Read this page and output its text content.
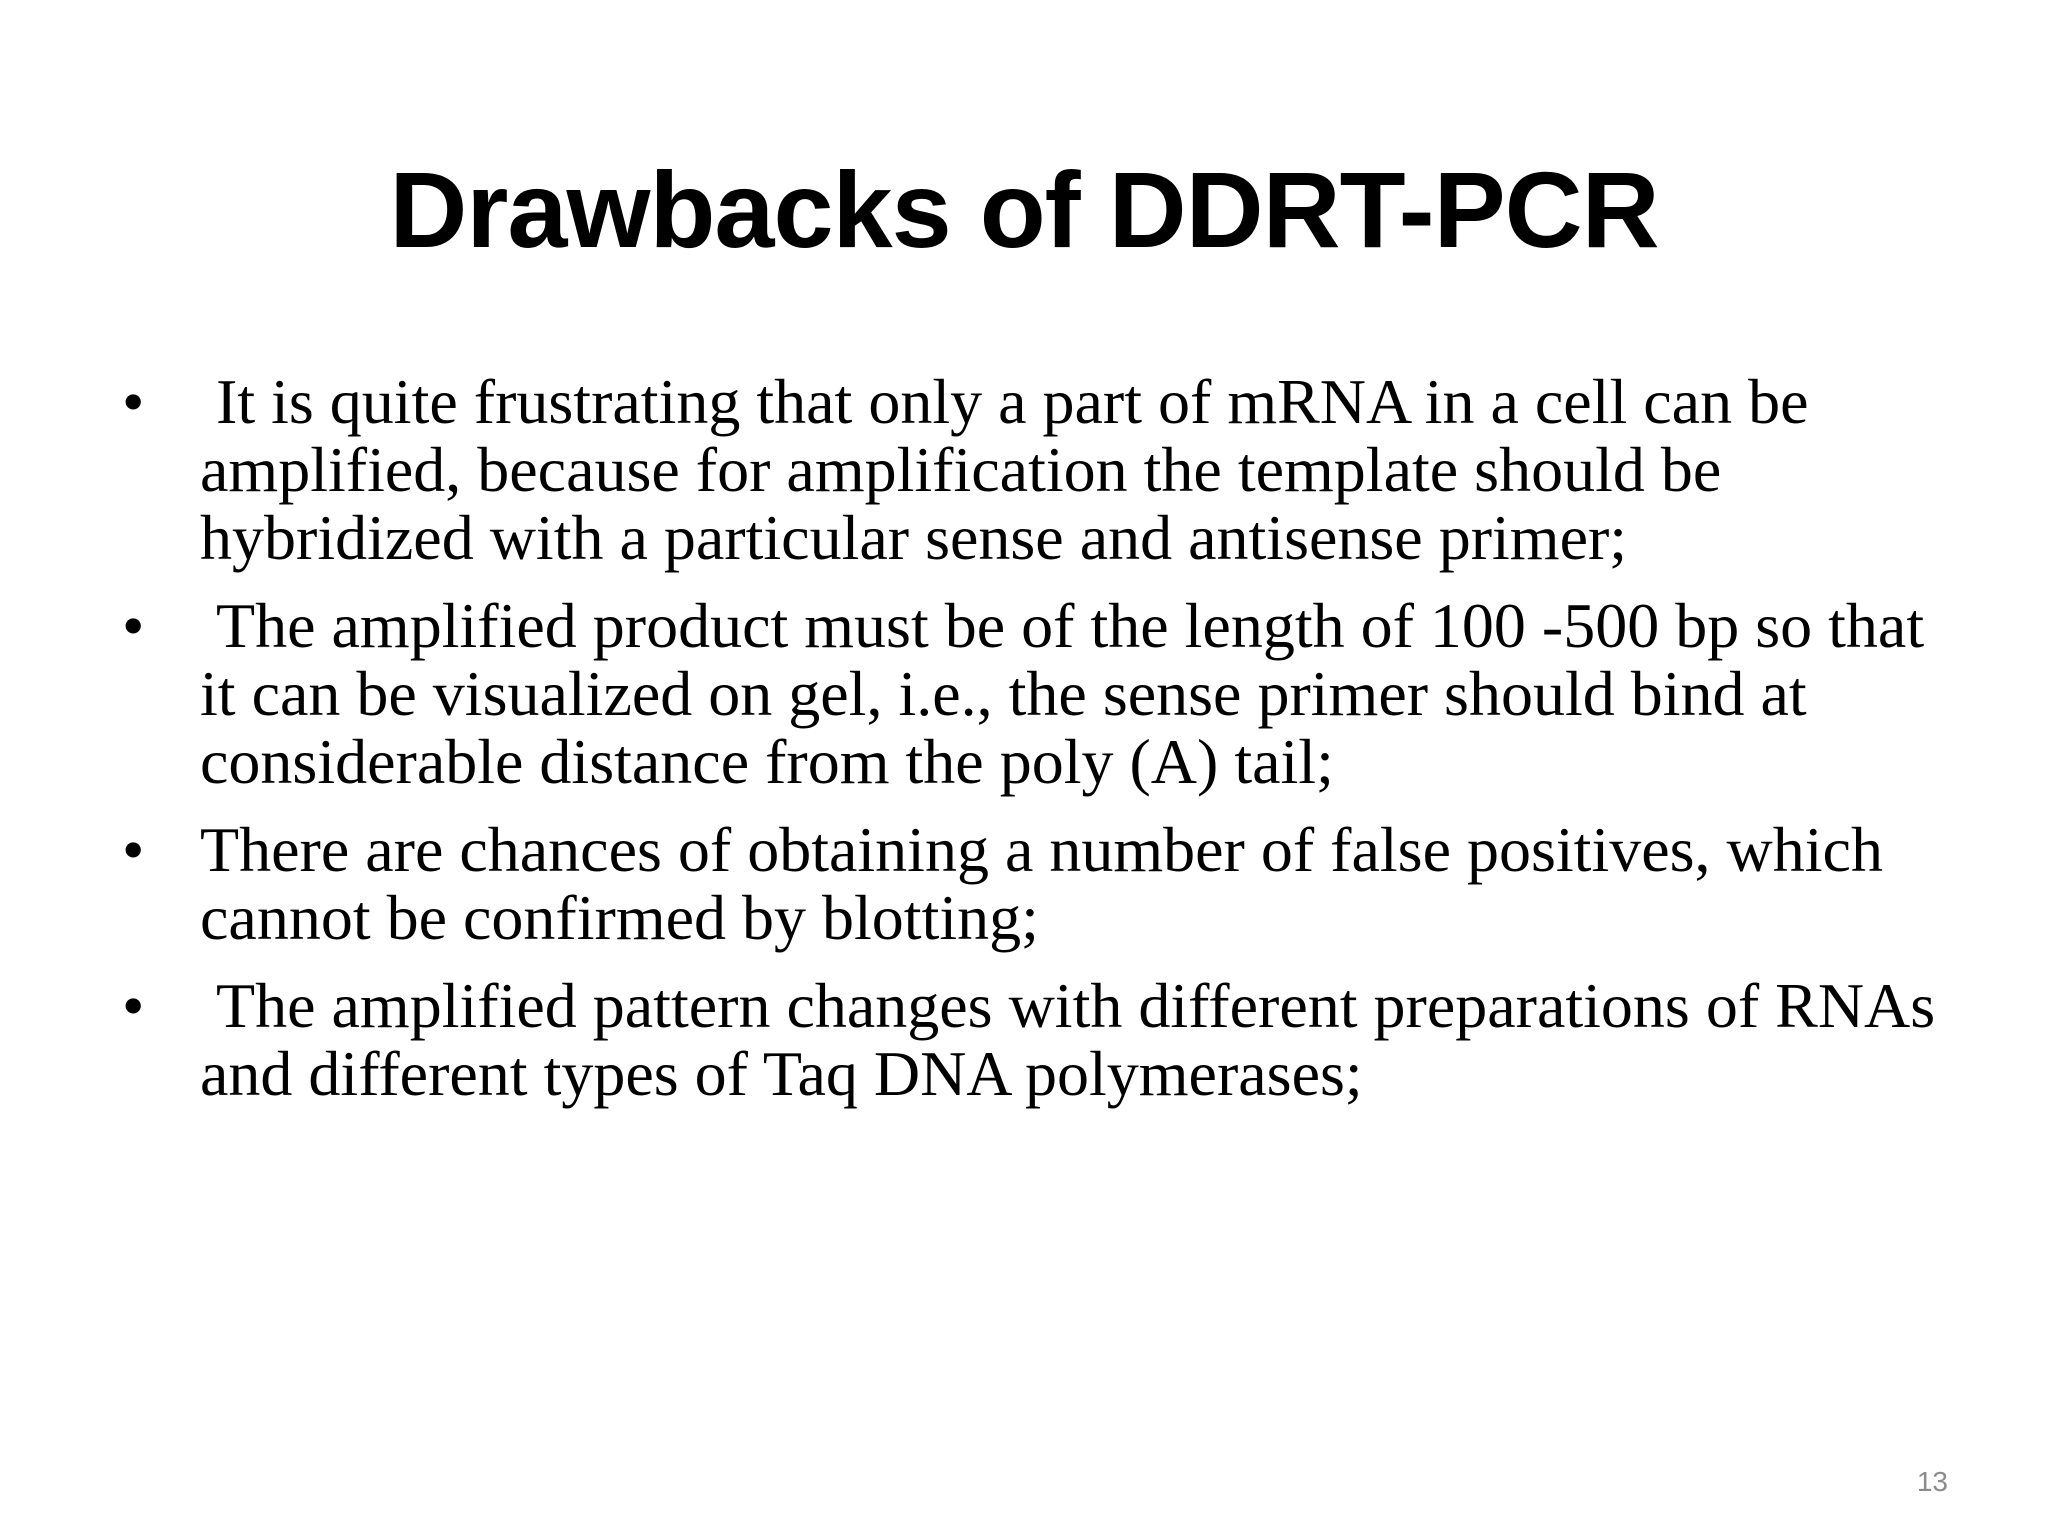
Drawbacks of DDRT-PCR
• It is quite frustrating that only a part of mRNA in a cell can be amplified, because for amplification the template should be hybridized with a particular sense and antisense primer;
• The amplified product must be of the length of 100 -500 bp so that it can be visualized on gel, i.e., the sense primer should bind at considerable distance from the poly (A) tail;
• There are chances of obtaining a number of false positives, which cannot be confirmed by blotting;
• The amplified pattern changes with different preparations of RNAs and different types of Taq DNA polymerases;
13
